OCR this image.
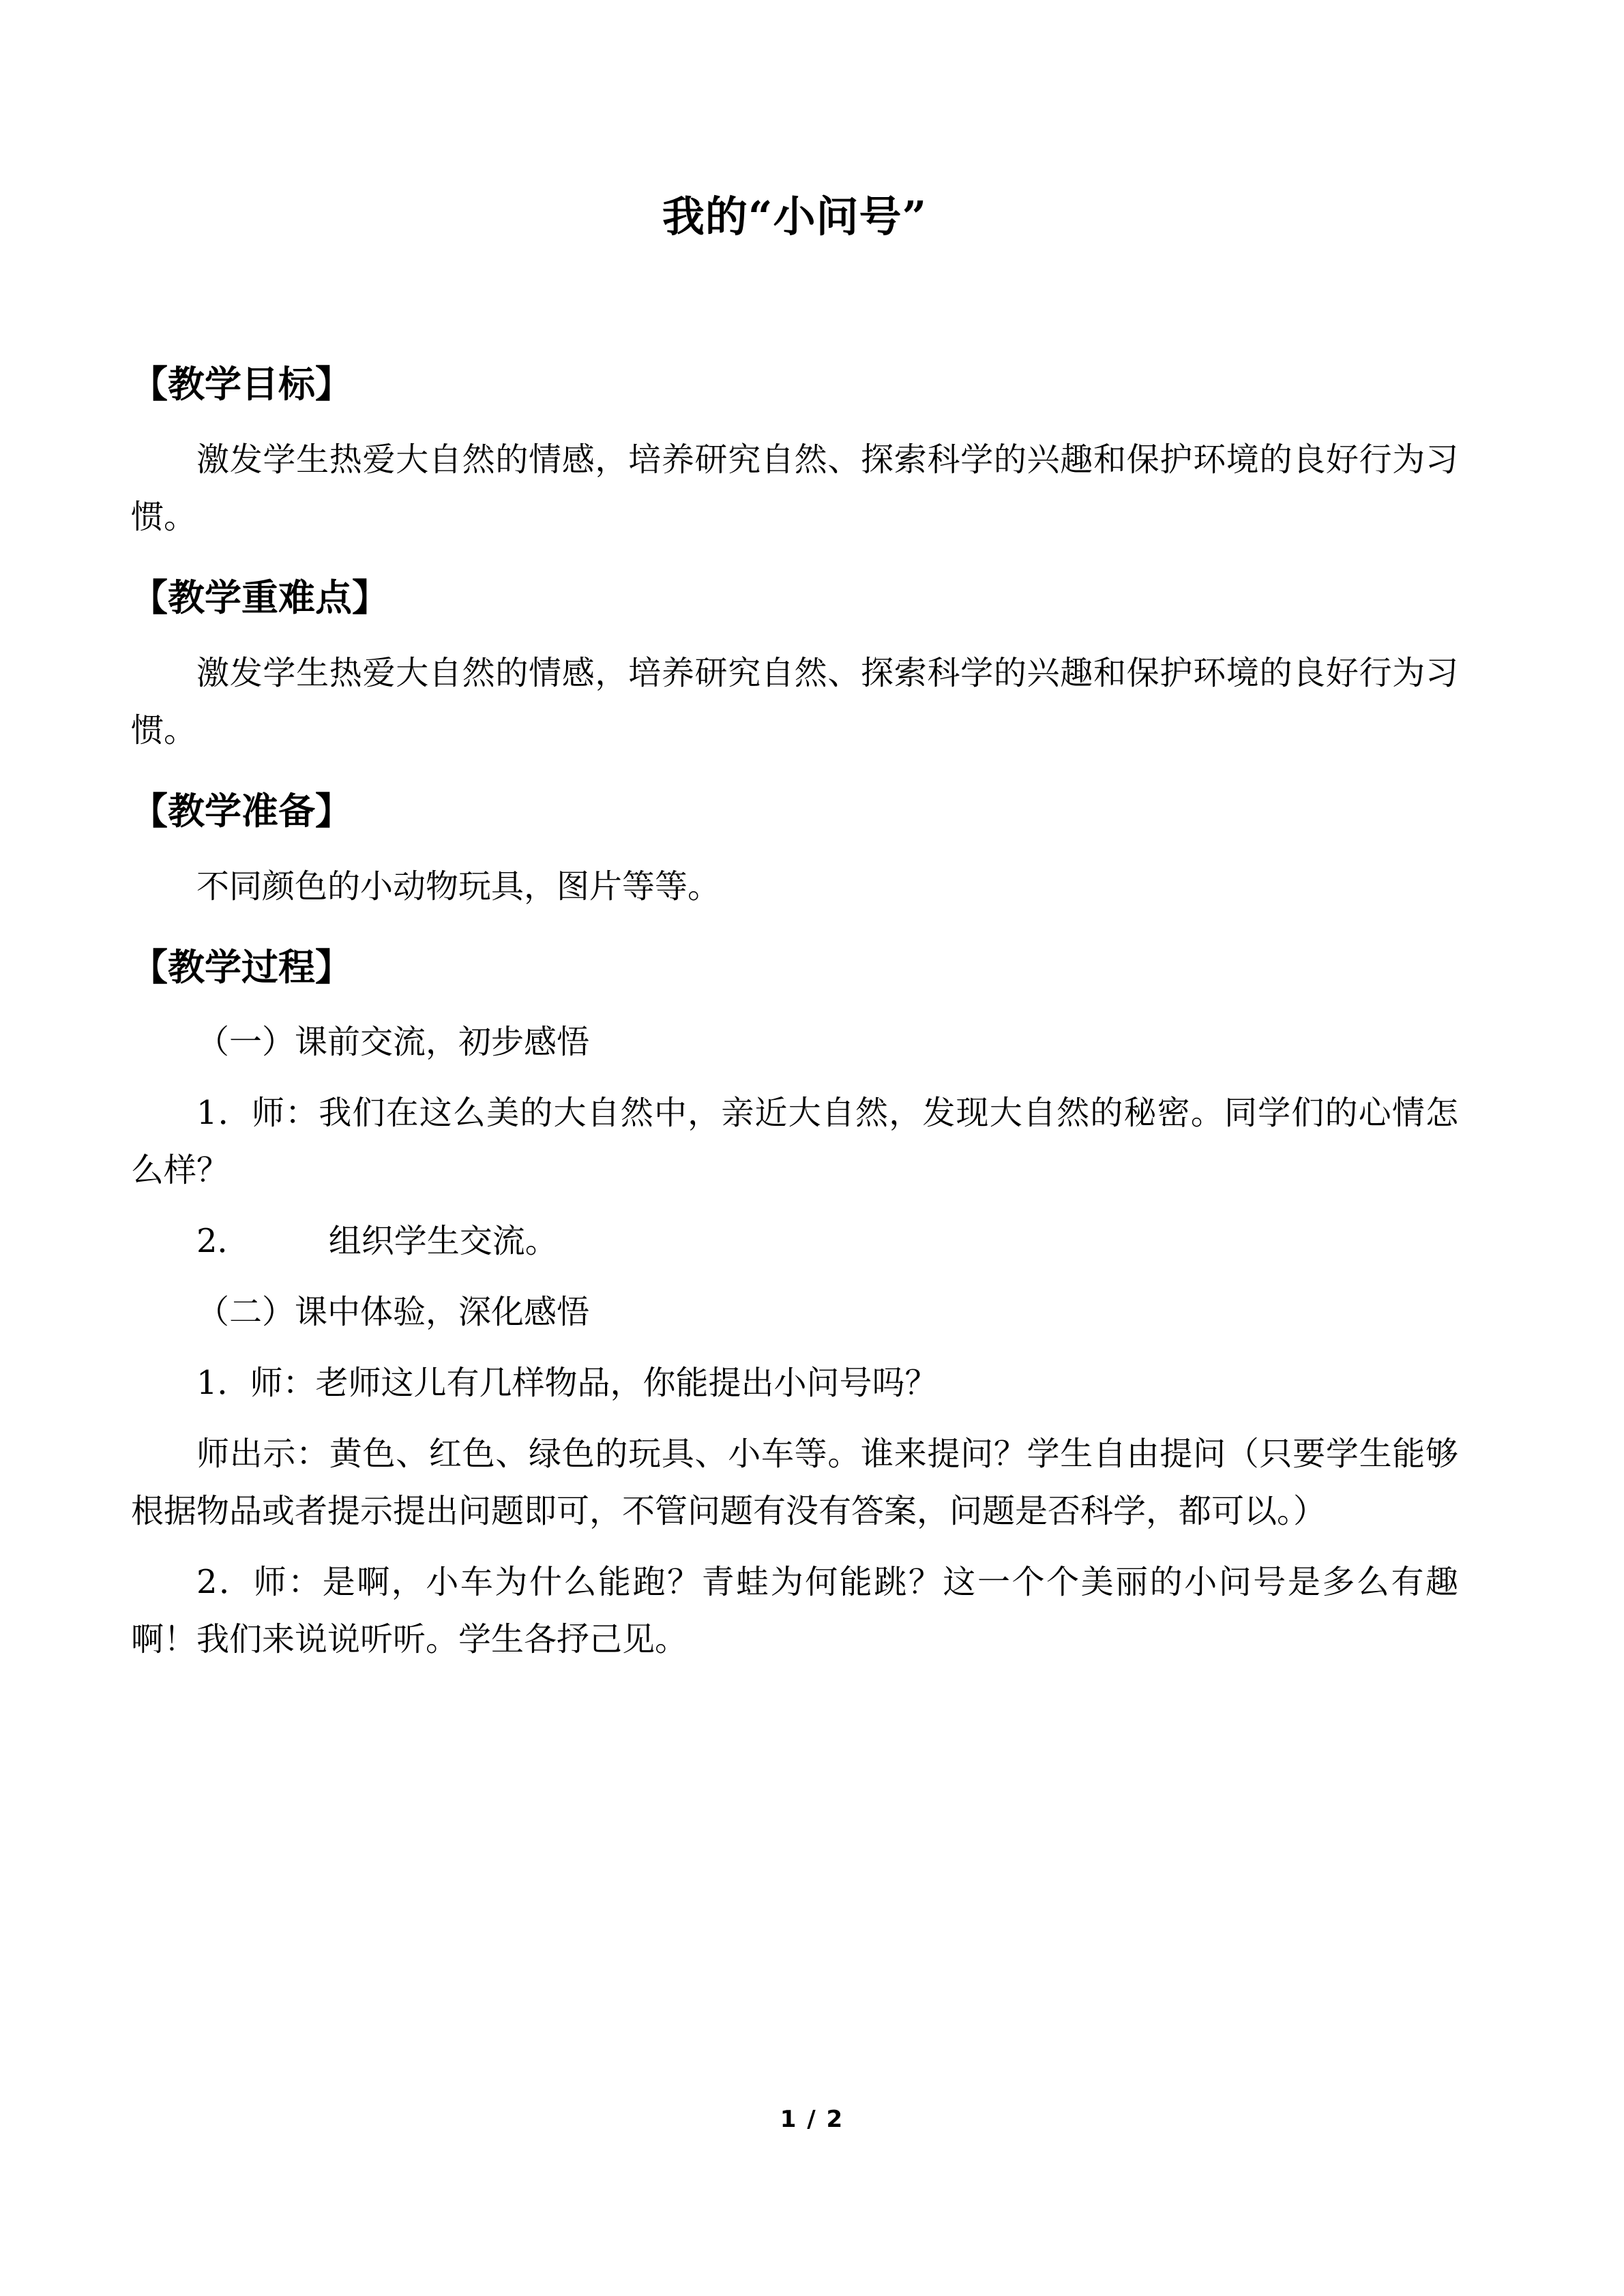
我的“小问号”
【教学目标】

激发学生热爱大自然的情感，培养研究自然、探索科学的兴趣和保护环境的良好行为习惯。

【教学重难点】

激发学生热爱大自然的情感，培养研究自然、探索科学的兴趣和保护环境的良好行为习惯。

【教学准备】

不同颜色的小动物玩具，图片等等。

【教学过程】

（一）课前交流，初步感悟

1．师：我们在这么美的大自然中，亲近大自然，发现大自然的秘密。同学们的心情怎么样？

2． 组织学生交流。

（二）课中体验，深化感悟

1．师：老师这儿有几样物品，你能提出小问号吗？

师出示：黄色、红色、绿色的玩具、小车等。谁来提问？学生自由提问（只要学生能够根据物品或者提示提出问题即可，不管问题有没有答案，问题是否科学，都可以。）

2．师：是啊，小车为什么能跑？青蛙为何能跳？这一个个美丽的小问号是多么有趣啊！我们来说说听听。学生各抒己见。

1 / 2
